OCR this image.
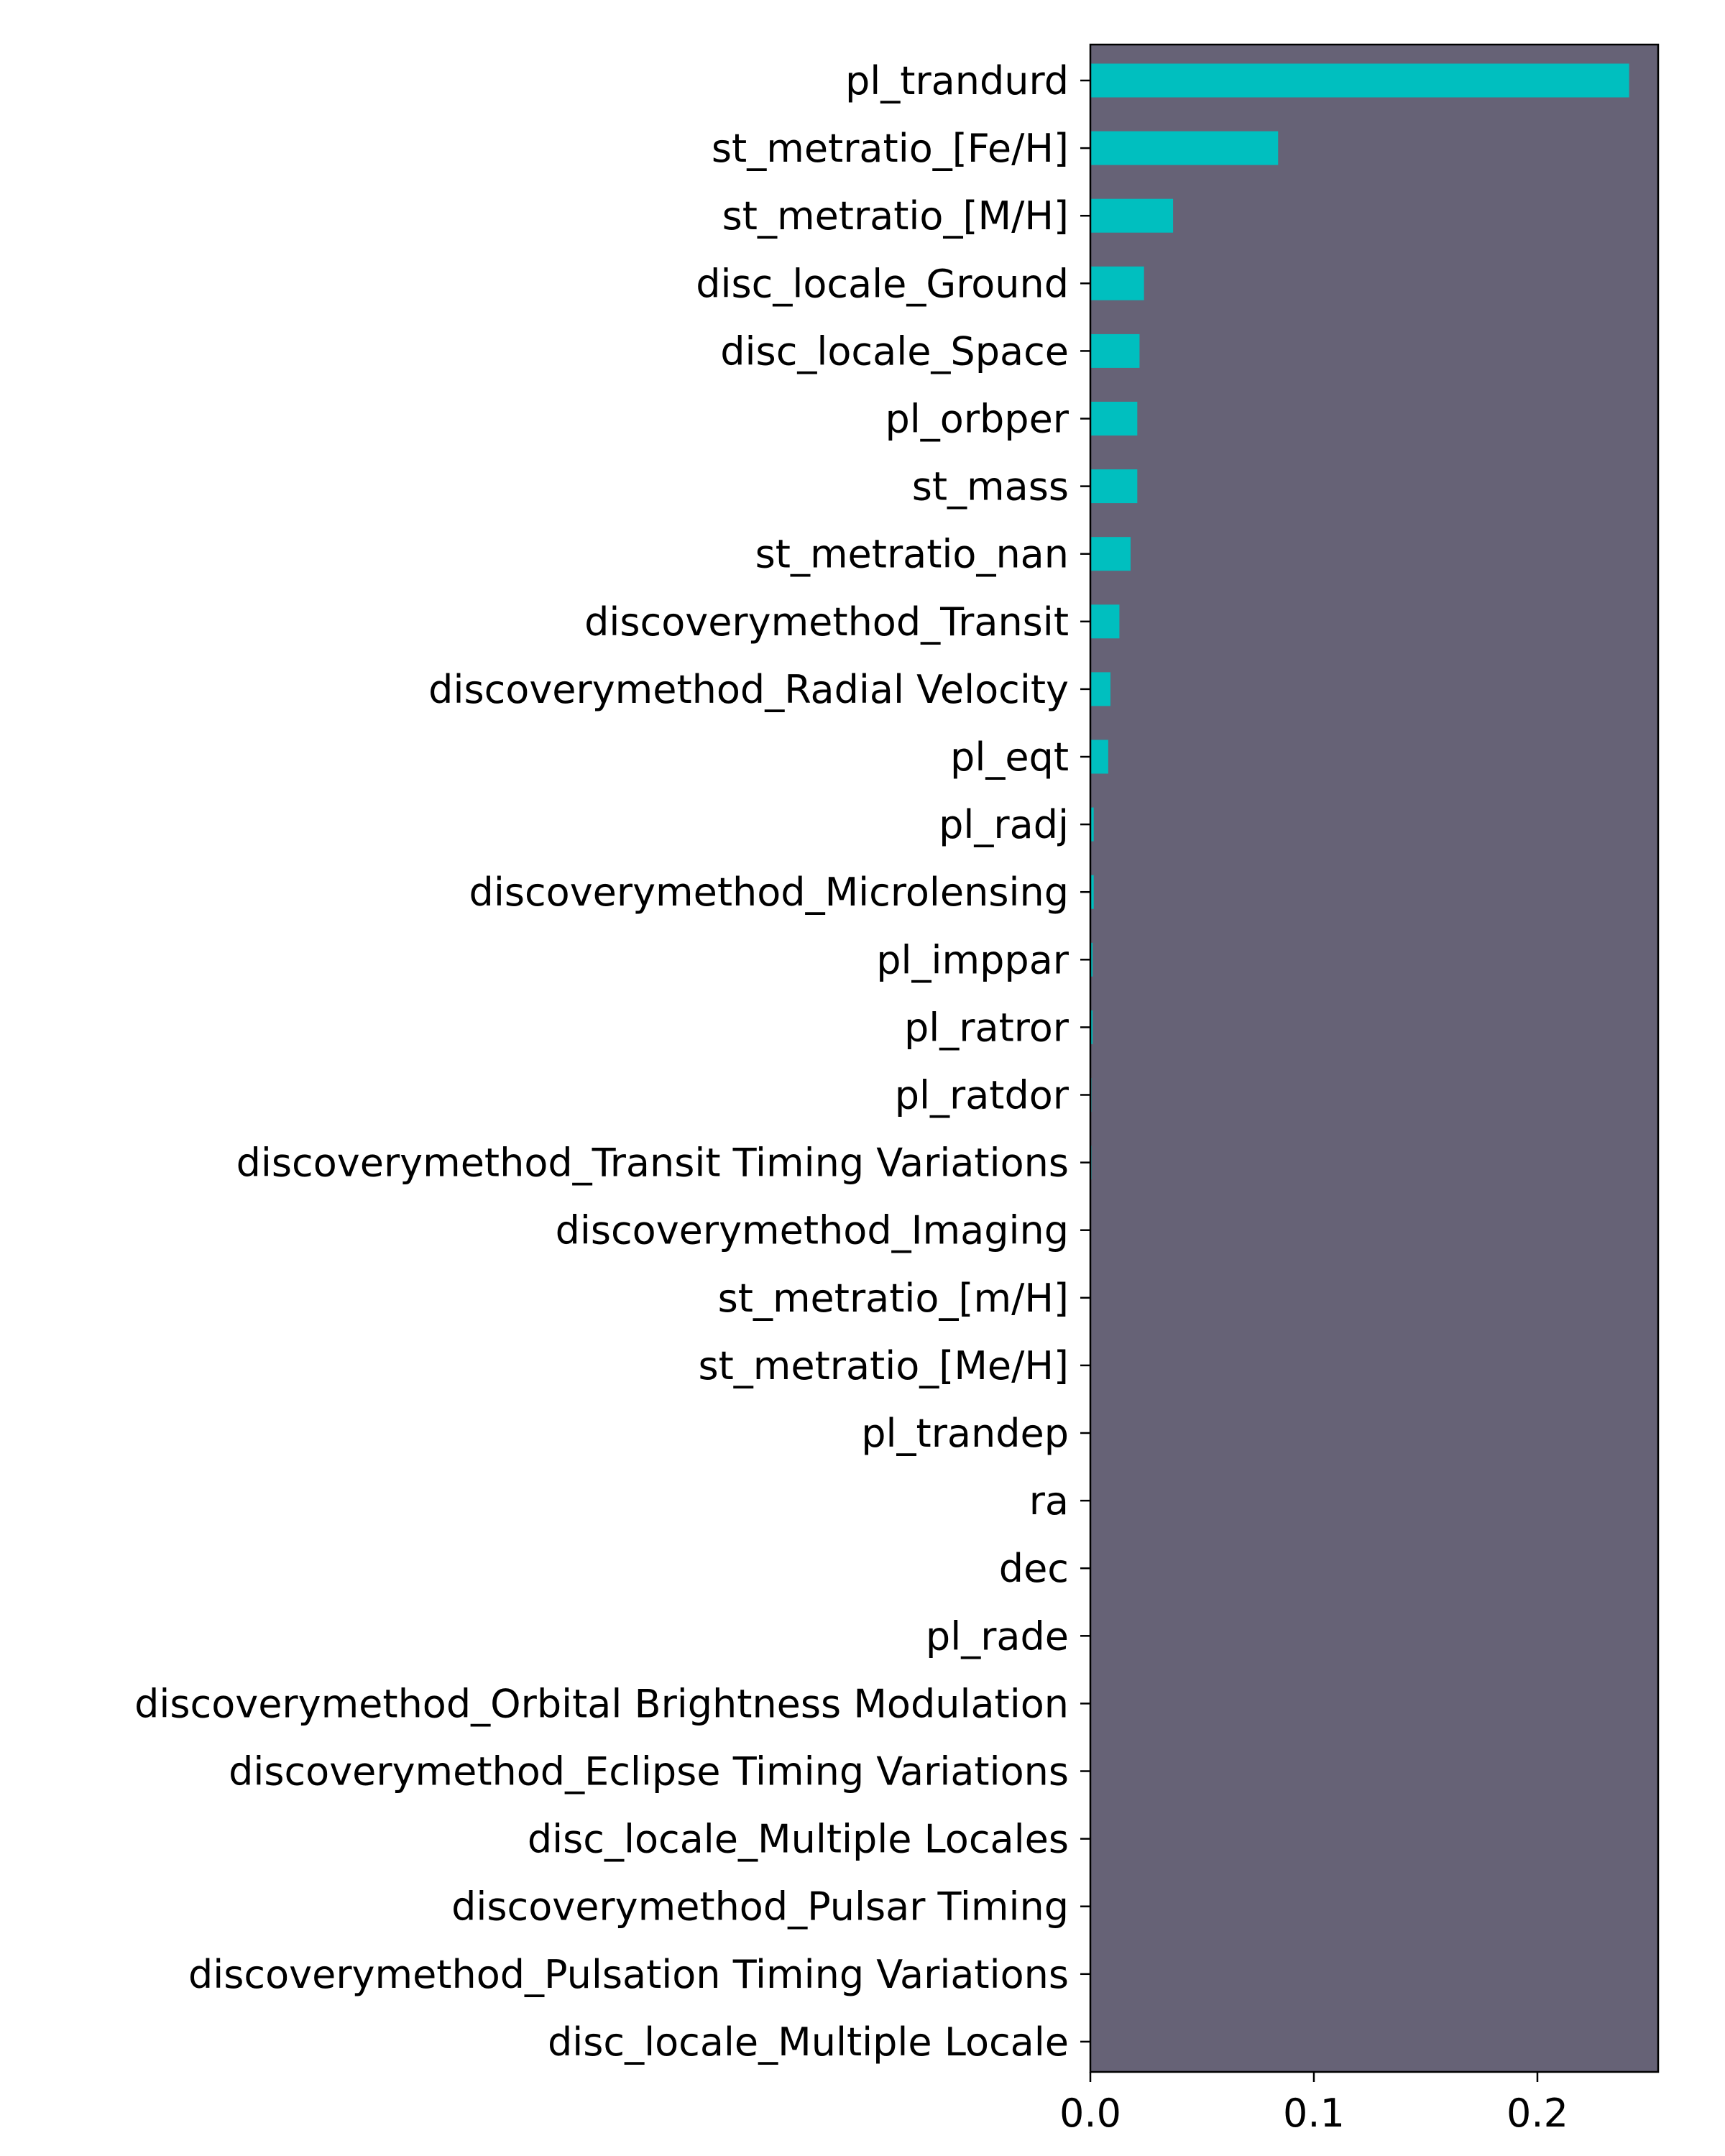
pl_trandurd
st_metratio_[Fe/H]
st_metratio_[M/H]
disc_locale_Ground
disc_locale_Space
pl_orbper
st_mass
st_metratio_nan
discoverymethod_Transit
discoverymethod_Radial Velocity
pl_eqt
pl_radj
discoverymethod_Microlensing
pl_imppar
pl_ratror
pl_ratdor
discoverymethod_Transit Timing Variations
discoverymethod_Imaging
st_metratio_[m/H]
st_metratio_[Me/H]
pl_trandep
ra
dec
pl_rade
discoverymethod_Orbital Brightness Modulation
discoverymethod_Eclipse Timing Variations
disc_locale_Multiple Locales
discoverymethod_Pulsar Timing
discoverymethod_Pulsation Timing Variations
disc_locale_Multiple Locale
0.0	0.1	0.2
